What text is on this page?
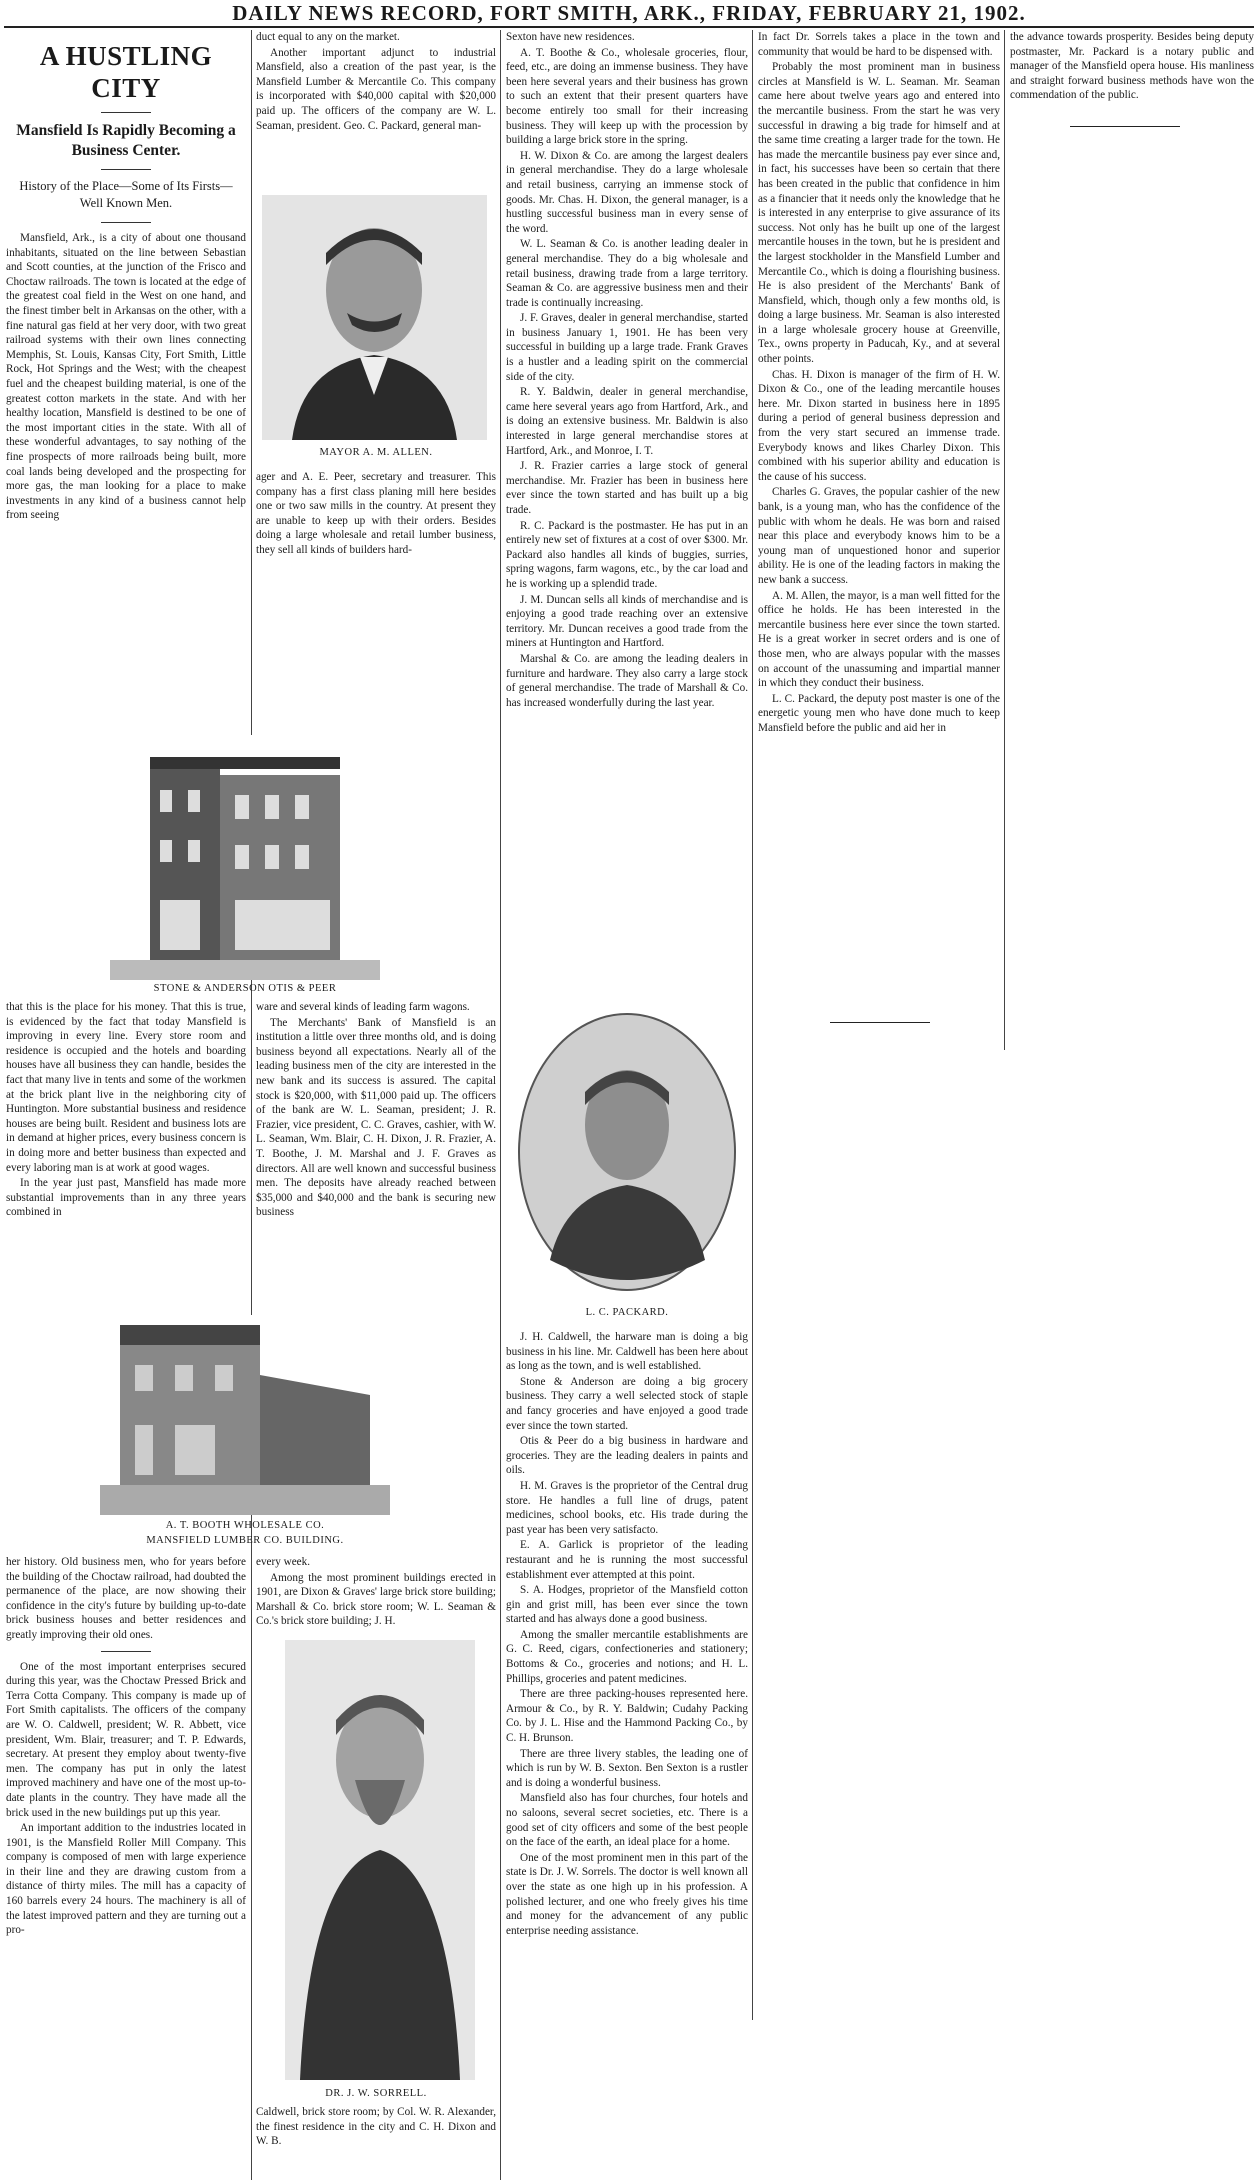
DAILY NEWS RECORD, FORT SMITH, ARK., FRIDAY, FEBRUARY 21, 1902.
A HUSTLING CITY
Mansfield Is Rapidly Becoming a Business Center.
History of the Place—Some of Its Firsts—Well Known Men.

Mansfield, Ark., is a city of about one thousand inhabitants, situated on the line between Sebastian and Scott counties, at the junction of the Frisco and Choctaw railroads. The town is located at the edge of the greatest coal field in the West on one hand, and the finest timber belt in Arkansas on the other, with a fine natural gas field at her very door, with two great railroad systems with their own lines connecting Memphis, St. Louis, Kansas City, Fort Smith, Little Rock, Hot Springs and the West; with the cheapest fuel and the cheapest building material, is one of the greatest cotton markets in the state. And with her healthy location, Mansfield is destined to be one of the most important cities in the state. With all of these wonderful advantages, to say nothing of the fine prospects of more railroads being built, more coal lands being developed and the prospecting for more gas, the man looking for a place to make investments in any kind of a business cannot help from seeing

STONE & ANDERSON OTIS & PEER

that this is the place for his money. That this is true, is evidenced by the fact that today Mansfield is improving in every line. Every store room and residence is occupied and the hotels and boarding houses have all business they can handle, besides the fact that many live in tents and some of the workmen at the brick plant live in the neighboring city of Huntington. More substantial business and residence houses are being built. Resident and business lots are in demand at higher prices, every business concern is in doing more and better business than expected and every laboring man is at work at good wages.

In the year just past, Mansfield has made more substantial improvements than in any three years combined in

A. T. BOOTH WHOLESALE CO.
MANSFIELD LUMBER CO. BUILDING.

her history. Old business men, who for years before the building of the Choctaw railroad, had doubted the permanence of the place, are now showing their confidence in the city's future by building up-to-date brick business houses and better residences and greatly improving their old ones.

One of the most important enterprises secured during this year, was the Choctaw Pressed Brick and Terra Cotta Company. This company is made up of Fort Smith capitalists. The officers of the company are W. O. Caldwell, president; W. R. Abbett, vice president, Wm. Blair, treasurer; and T. P. Edwards, secretary. At present they employ about twenty-five men. The company has put in only the latest improved machinery and have one of the most up-to-date plants in the country. They have made all the brick used in the new buildings put up this year.

An important addition to the industries located in 1901, is the Mansfield Roller Mill Company. This company is composed of men with large experience in their line and they are drawing custom from a distance of thirty miles. The mill has a capacity of 160 barrels every 24 hours. The machinery is all of the latest improved pattern and they are turning out a pro-

duct equal to any on the market.

Another important adjunct to industrial Mansfield, also a creation of the past year, is the Mansfield Lumber & Mercantile Co. This company is incorporated with $40,000 capital with $20,000 paid up. The officers of the company are W. L. Seaman, president. Geo. C. Packard, general man-

MAYOR A. M. ALLEN.

ager and A. E. Peer, secretary and treasurer. This company has a first class planing mill here besides one or two saw mills in the country. At present they are unable to keep up with their orders. Besides doing a large wholesale and retail lumber business, they sell all kinds of builders hard-

ware and several kinds of leading farm wagons.

The Merchants' Bank of Mansfield is an institution a little over three months old, and is doing business beyond all expectations. Nearly all of the leading business men of the city are interested in the new bank and its success is assured. The capital stock is $20,000, with $11,000 paid up. The officers of the bank are W. L. Seaman, president; J. R. Frazier, vice president, C. C. Graves, cashier, with W. L. Seaman, Wm. Blair, C. H. Dixon, J. R. Frazier, A. T. Boothe, J. M. Marshal and J. F. Graves as directors. All are well known and successful business men. The deposits have already reached between $35,000 and $40,000 and the bank is securing new business

every week.

Among the most prominent buildings erected in 1901, are Dixon & Graves' large brick store building; Marshall & Co. brick store room; W. L. Seaman & Co.'s brick store building; J. H.

DR. J. W. SORRELL.

Caldwell, brick store room; by Col. W. R. Alexander, the finest residence in the city and C. H. Dixon and W. B.

Sexton have new residences.

A. T. Boothe & Co., wholesale groceries, flour, feed, etc., are doing an immense business. They have been here several years and their business has grown to such an extent that their present quarters have become entirely too small for their increasing business. They will keep up with the procession by building a large brick store in the spring.

H. W. Dixon & Co. are among the largest dealers in general merchandise. They do a large wholesale and retail business, carrying an immense stock of goods. Mr. Chas. H. Dixon, the general manager, is a hustling successful business man in every sense of the word.

W. L. Seaman & Co. is another leading dealer in general merchandise. They do a big wholesale and retail business, drawing trade from a large territory. Seaman & Co. are aggressive business men and their trade is continually increasing.

J. F. Graves, dealer in general merchandise, started in business January 1, 1901. He has been very successful in building up a large trade. Frank Graves is a hustler and a leading spirit on the commercial side of the city.

R. Y. Baldwin, dealer in general merchandise, came here several years ago from Hartford, Ark., and is doing an extensive business. Mr. Baldwin is also interested in large general merchandise stores at Hartford, Ark., and Monroe, I. T.

J. R. Frazier carries a large stock of general merchandise. Mr. Frazier has been in business here ever since the town started and has built up a big trade.

R. C. Packard is the postmaster. He has put in an entirely new set of fixtures at a cost of over $300. Mr. Packard also handles all kinds of buggies, surries, spring wagons, farm wagons, etc., by the car load and he is working up a splendid trade.

J. M. Duncan sells all kinds of merchandise and is enjoying a good trade reaching over an extensive territory. Mr. Duncan receives a good trade from the miners at Huntington and Hartford.

Marshal & Co. are among the leading dealers in furniture and hardware. They also carry a large stock of general merchandise. The trade of Marshall & Co. has increased wonderfully during the last year.

L. C. PACKARD.

J. H. Caldwell, the harware man is doing a big business in his line. Mr. Caldwell has been here about as long as the town, and is well established.

Stone & Anderson are doing a big grocery business. They carry a well selected stock of staple and fancy groceries and have enjoyed a good trade ever since the town started.

Otis & Peer do a big business in hardware and groceries. They are the leading dealers in paints and oils.

H. M. Graves is the proprietor of the Central drug store. He handles a full line of drugs, patent medicines, school books, etc. His trade during the past year has been very satisfacto.

E. A. Garlick is proprietor of the leading restaurant and he is running the most successful establishment ever attempted at this point.

S. A. Hodges, proprietor of the Mansfield cotton gin and grist mill, has been ever since the town started and has always done a good business.

Among the smaller mercantile establishments are G. C. Reed, cigars, confectioneries and stationery; Bottoms & Co., groceries and notions; and H. L. Phillips, groceries and patent medicines.

There are three packing-houses represented here. Armour & Co., by R. Y. Baldwin; Cudahy Packing Co. by J. L. Hise and the Hammond Packing Co., by C. H. Brunson.

There are three livery stables, the leading one of which is run by W. B. Sexton. Ben Sexton is a rustler and is doing a wonderful business.

Mansfield also has four churches, four hotels and no saloons, several secret societies, etc. There is a good set of city officers and some of the best people on the face of the earth, an ideal place for a home.

One of the most prominent men in this part of the state is Dr. J. W. Sorrels. The doctor is well known all over the state as one high up in his profession. A polished lecturer, and one who freely gives his time and money for the advancement of any public enterprise needing assistance.

In fact Dr. Sorrels takes a place in the town and community that would be hard to be dispensed with.

Probably the most prominent man in business circles at Mansfield is W. L. Seaman. Mr. Seaman came here about twelve years ago and entered into the mercantile business. From the start he was very successful in drawing a big trade for himself and at the same time creating a larger trade for the town. He has made the mercantile business pay ever since and, in fact, his successes have been so certain that there has been created in the public that confidence in him as a financier that it needs only the knowledge that he is interested in any enterprise to give assurance of its success. Not only has he built up one of the largest mercantile houses in the town, but he is president and the largest stockholder in the Mansfield Lumber and Mercantile Co., which is doing a flourishing business. He is also president of the Merchants' Bank of Mansfield, which, though only a few months old, is doing a large business. Mr. Seaman is also interested in a large wholesale grocery house at Greenville, Tex., owns property in Paducah, Ky., and at several other points.

Chas. H. Dixon is manager of the firm of H. W. Dixon & Co., one of the leading mercantile houses here. Mr. Dixon started in business here in 1895 during a period of general business depression and from the very start secured an immense trade. Everybody knows and likes Charley Dixon. This combined with his superior ability and education is the cause of his success.

Charles G. Graves, the popular cashier of the new bank, is a young man, who has the confidence of the public with whom he deals. He was born and raised near this place and everybody knows him to be a young man of unquestioned honor and superior ability. He is one of the leading factors in making the new bank a success.

A. M. Allen, the mayor, is a man well fitted for the office he holds. He has been interested in the mercantile business here ever since the town started. He is a great worker in secret orders and is one of those men, who are always popular with the masses on account of the unassuming and impartial manner in which they conduct their business.

L. C. Packard, the deputy post master is one of the energetic young men who have done much to keep Mansfield before the public and aid her in

the advance towards prosperity. Besides being deputy postmaster, Mr. Packard is a notary public and manager of the Mansfield opera house. His manliness and straight forward business methods have won the commendation of the public.
